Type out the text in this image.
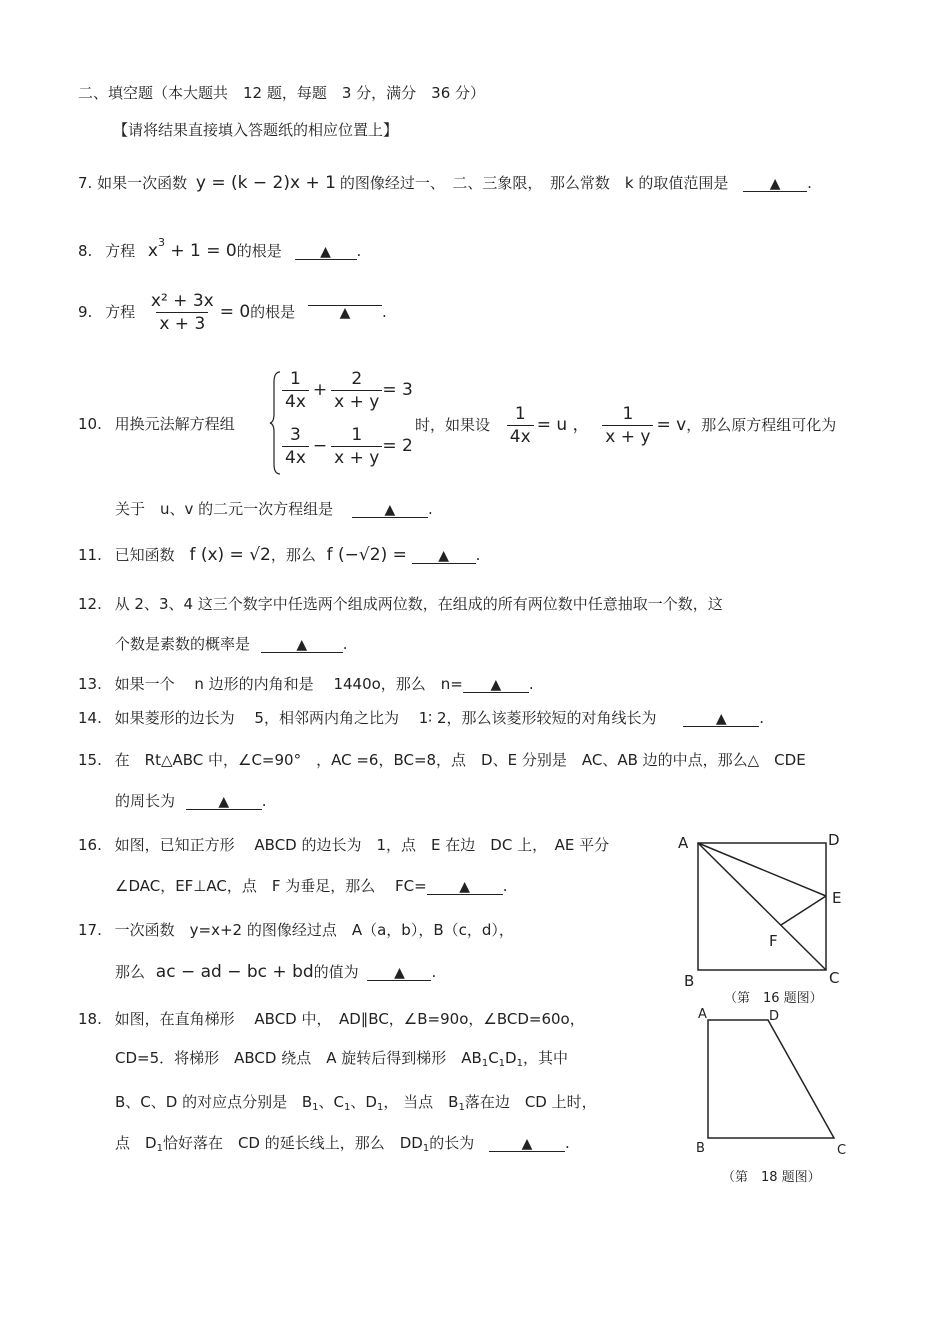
二、填空题（本大题共　12 题，每题　3 分，满分　36 分）
【请将结果直接填入答题纸的相应位置上】
7. 如果一次函数 y = (k − 2)x + 1 的图像经过一、　二、三象限，　那么常数　k 的取值范围是	▲ .
8. 方程 $x^3 + 1 = 0$的根是	▲ .
9. 方程 $\frac{\text{x² + 3x}}{x + 3} = 0$的根是	▲ .
10. 用换元法解方程组
$\frac{1}{4x} + \frac{2}{x + y} = 3$
$\frac{3}{4x} - \frac{1}{x + y} = 2$
时，如果设 $\frac{1}{4x} = u$ ， $\frac{1}{x + y} = v$，那么原方程组可化为
关于　u、v 的二元一次方程组是	▲ .
11. 已知函数 f (x) = √2，那么 f (−√2) = ▲ .
12. 从 2、3、4 这三个数字中任选两个组成两位数，在组成的所有两位数中任意抽取一个数，这
个数是素数的概率是	▲ .
13. 如果一个　 n 边形的内角和是　 1440o，那么　n= ▲ .
14. 如果菱形的边长为　 5，相邻两内角之比为　 1∶ 2，那么该菱形较短的对角线长为	▲ .
15. 在　Rt△ABC 中，∠C=90°　，AC =6，BC=8，点　D、E 分别是　AC、AB 边的中点，那么△　CDE
的周长为	▲ .
16. 如图，已知正方形　 ABCD 的边长为　1，点　E 在边　DC 上，　AE 平分
∠DAC，EF⊥AC，点　F 为垂足，那么　 FC= ▲ .
17. 一次函数　y=x+2 的图像经过点　A（a，b），B（c，d），
那么 ac − ad − bc + bd的值为	▲ .
18. 如图，在直角梯形　 ABCD 中，　AD∥BC，∠B=90o，∠BCD=60o，
CD=5．将梯形　ABCD 绕点　A 旋转后得到梯形　$AB_1C_1D_1$，其中
B、C、D 的对应点分别是 $B_1$、$C_1$、$D_1$， 当点　$B_1$落在边　CD 上时，
点　$D_1$恰好落在　CD 的延长线上，那么　$DD_1$的长为	▲ .
A	D
E
F
B	C
（第　16 题图）
A	D
B	C
（第　18 题图）
